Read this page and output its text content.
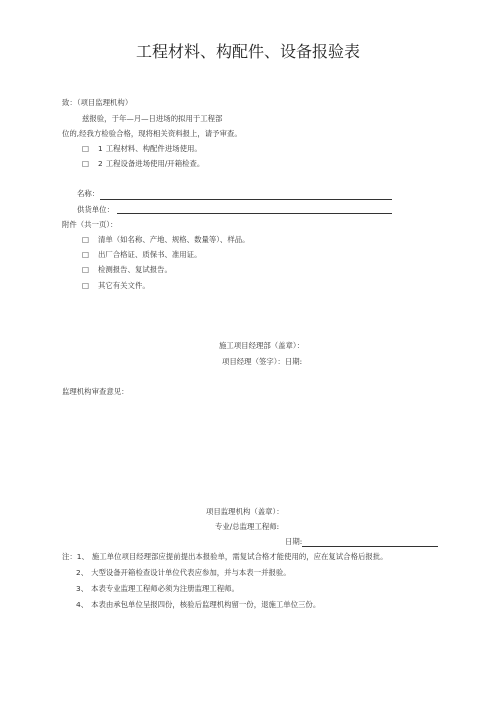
工程材料、构配件、设备报验表
致：（项目监理机构）
兹报验，于年—月—日进场的拟用于工程部
位的,经我方检验合格，现将相关资料报上，请予审查。
□ 1 工程材料、构配件进场使用。
□ 2 工程设备进场使用/开箱检查。
名称：
供货单位：
附件（共一页）：
□ 清单（如名称、产地、规格、数量等）、样品。
□ 出厂合格证、质保书、准用证。
□ 检测报告、复试报告。
□ 其它有关文件。
施工项目经理部（盖章）：
项目经理（签字）：日期:
监理机构审查意见：
项目监理机构（盖章）：
专业/总监理工程师:
日期:
注：1、 施工单位项目经理部应提前提出本报验单，需复试合格才能使用的，应在复试合格后报批。
2、 大型设备开箱检查设计单位代表应参加，并与本表一并报验。
3、 本表专业监理工程师必须为注册监理工程师。
4、 本表由承包单位呈报四份，核验后监理机构留一份，退施工单位三份。
